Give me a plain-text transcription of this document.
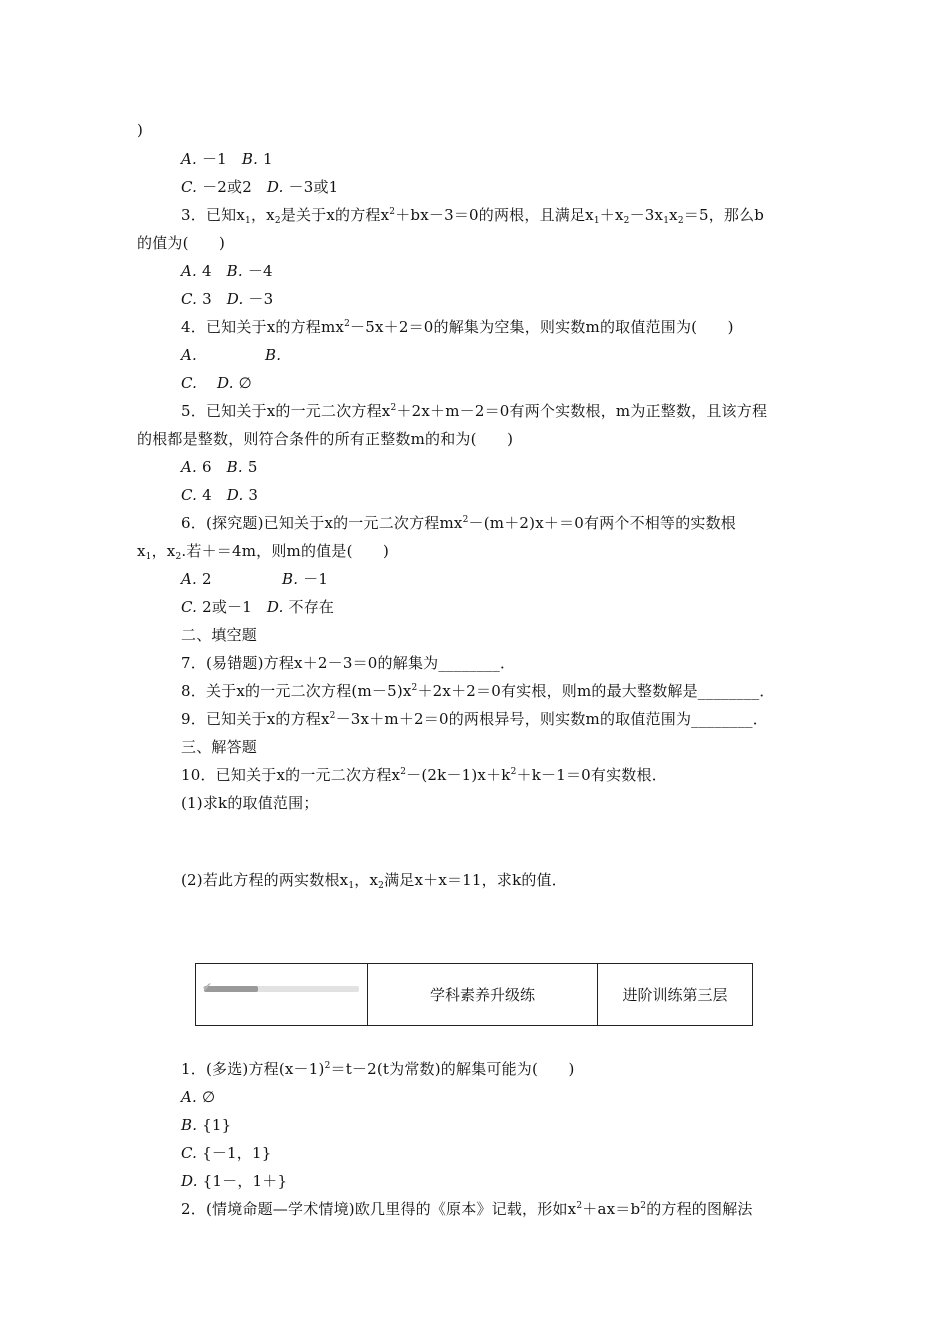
)
A. －1 B. 1
C. －2或2 D. －3或1
3．已知$x_1$，$x_2$是关于x的方程$x^2+bx-3=0$的两根，且满足$x_1+x_2-3x_1x_2=5$，那么b
的值为(　　)
A. 4 B. －4
C. 3 D. －3
4．已知关于x的方程$mx^2-5x+2=0$的解集为空集，则实数m的取值范围为(　　)
A.	B.
C. D. ∅
5．已知关于x的一元二次方程$x^2+2x+m-2=0$有两个实数根，m为正整数，且该方程
的根都是整数，则符合条件的所有正整数m的和为(　　)
A. 6 B. 5
C. 4 D. 3
6．(探究题)已知关于x的一元二次方程$mx^2-(m+2)x+=0$有两个不相等的实数根
$x_1$，$x_2$.若＋＝4m，则m的值是(　　)
A. 2	B. －1
C. 2或－1 D. 不存在
二、填空题
7．(易错题)方程x＋2－3＝0的解集为________．
8．关于x的一元二次方程$(m-5)x^2+2x+2=0$有实根，则m的最大整数解是________．
9．已知关于x的方程$x^2-3x+m+2=0$的两根异号，则实数m的取值范围为________．
三、解答题
10．已知关于x的一元二次方程$x^2-(2k-1)x+k^2+k-1=0$有实数根．
(1)求k的取值范围；
(2)若此方程的两实数根$x_1$，$x_2$满足x＋x＝11，求k的值．
✔	学科素养升级练	进阶训练第三层
1．(多选)方程$(x-1)^2=t-2(t$为常数)的解集可能为(　　)
A. ∅
B. {1}
C. {－1，1}
D. {1－，1＋}
2．(情境命题—学术情境)欧几里得的《原本》记载，形如$x^2+ax=b^2$的方程的图解法
